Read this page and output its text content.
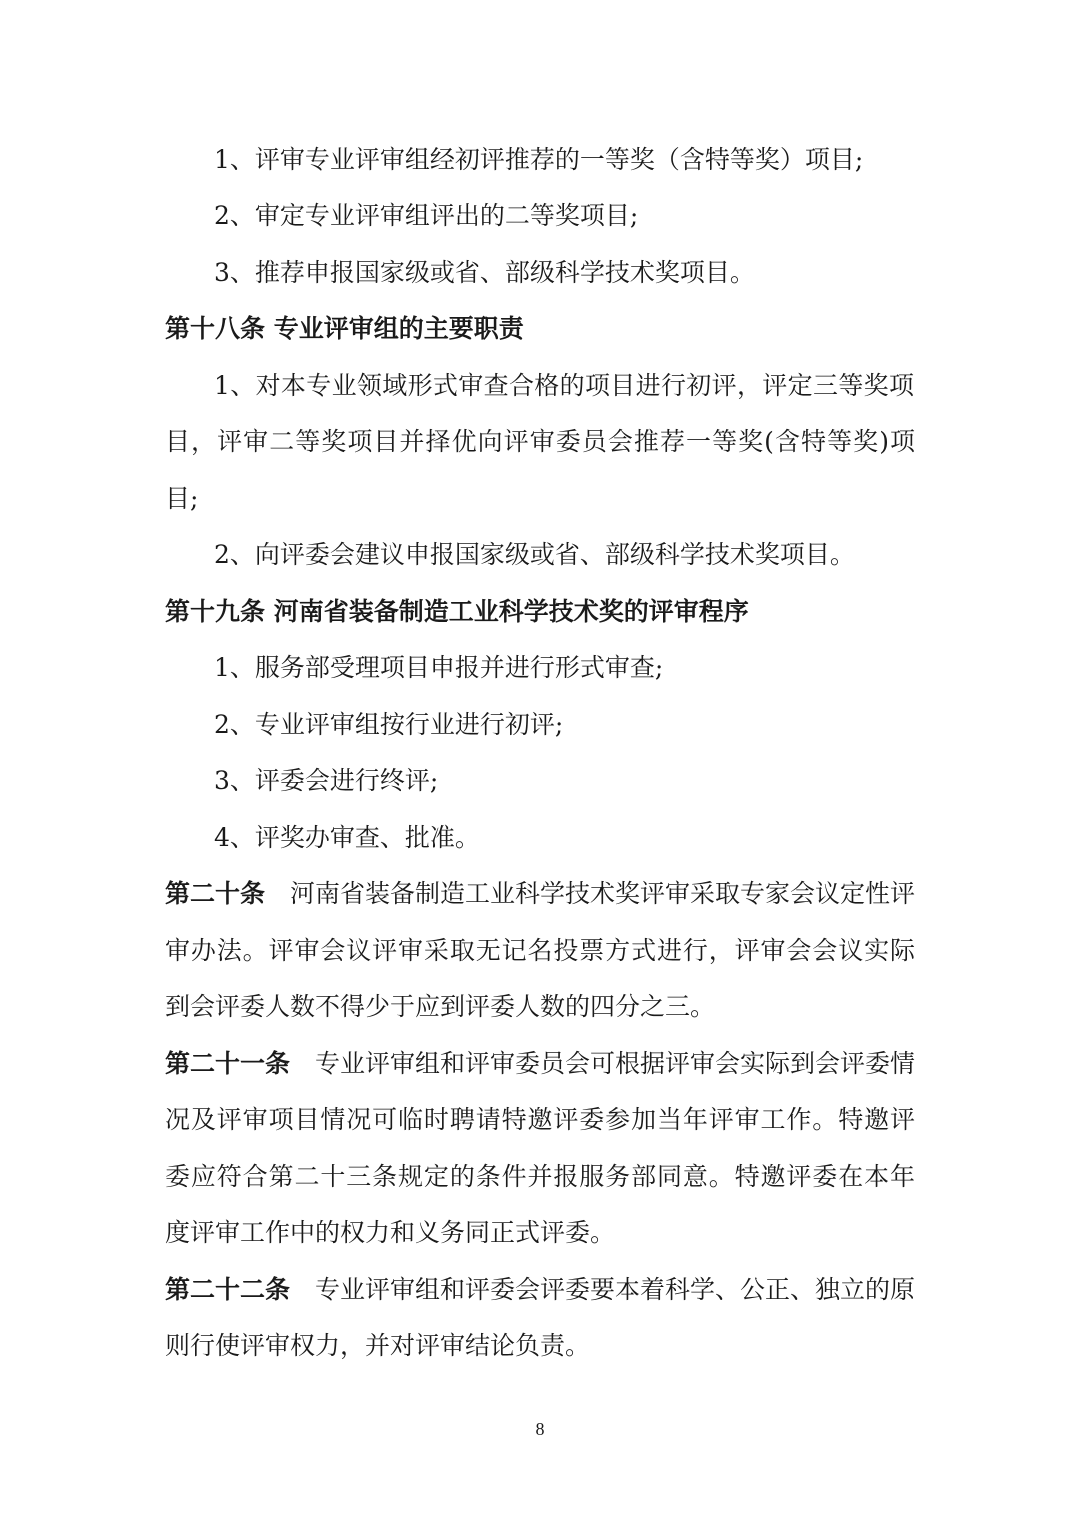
1、评审专业评审组经初评推荐的一等奖（含特等奖）项目;
2、审定专业评审组评出的二等奖项目;
3、推荐申报国家级或省、部级科学技术奖项目。
第十八条 专业评审组的主要职责
1、对本专业领域形式审查合格的项目进行初评，评定三等奖项
目，评审二等奖项目并择优向评审委员会推荐一等奖(含特等奖)项
目;
2、向评委会建议申报国家级或省、部级科学技术奖项目。
第十九条 河南省装备制造工业科学技术奖的评审程序
1、服务部受理项目申报并进行形式审查;
2、专业评审组按行业进行初评;
3、评委会进行终评;
4、评奖办审查、批准。
第二十条　 河南省装备制造工业科学技术奖评审采取专家会议定性评
审办法。评审会议评审采取无记名投票方式进行，评审会会议实际
到会评委人数不得少于应到评委人数的四分之三。
第二十一条　 专业评审组和评审委员会可根据评审会实际到会评委情
况及评审项目情况可临时聘请特邀评委参加当年评审工作。特邀评
委应符合第二十三条规定的条件并报服务部同意。特邀评委在本年
度评审工作中的权力和义务同正式评委。
第二十二条　 专业评审组和评委会评委要本着科学、公正、独立的原
则行使评审权力，并对评审结论负责。
8
